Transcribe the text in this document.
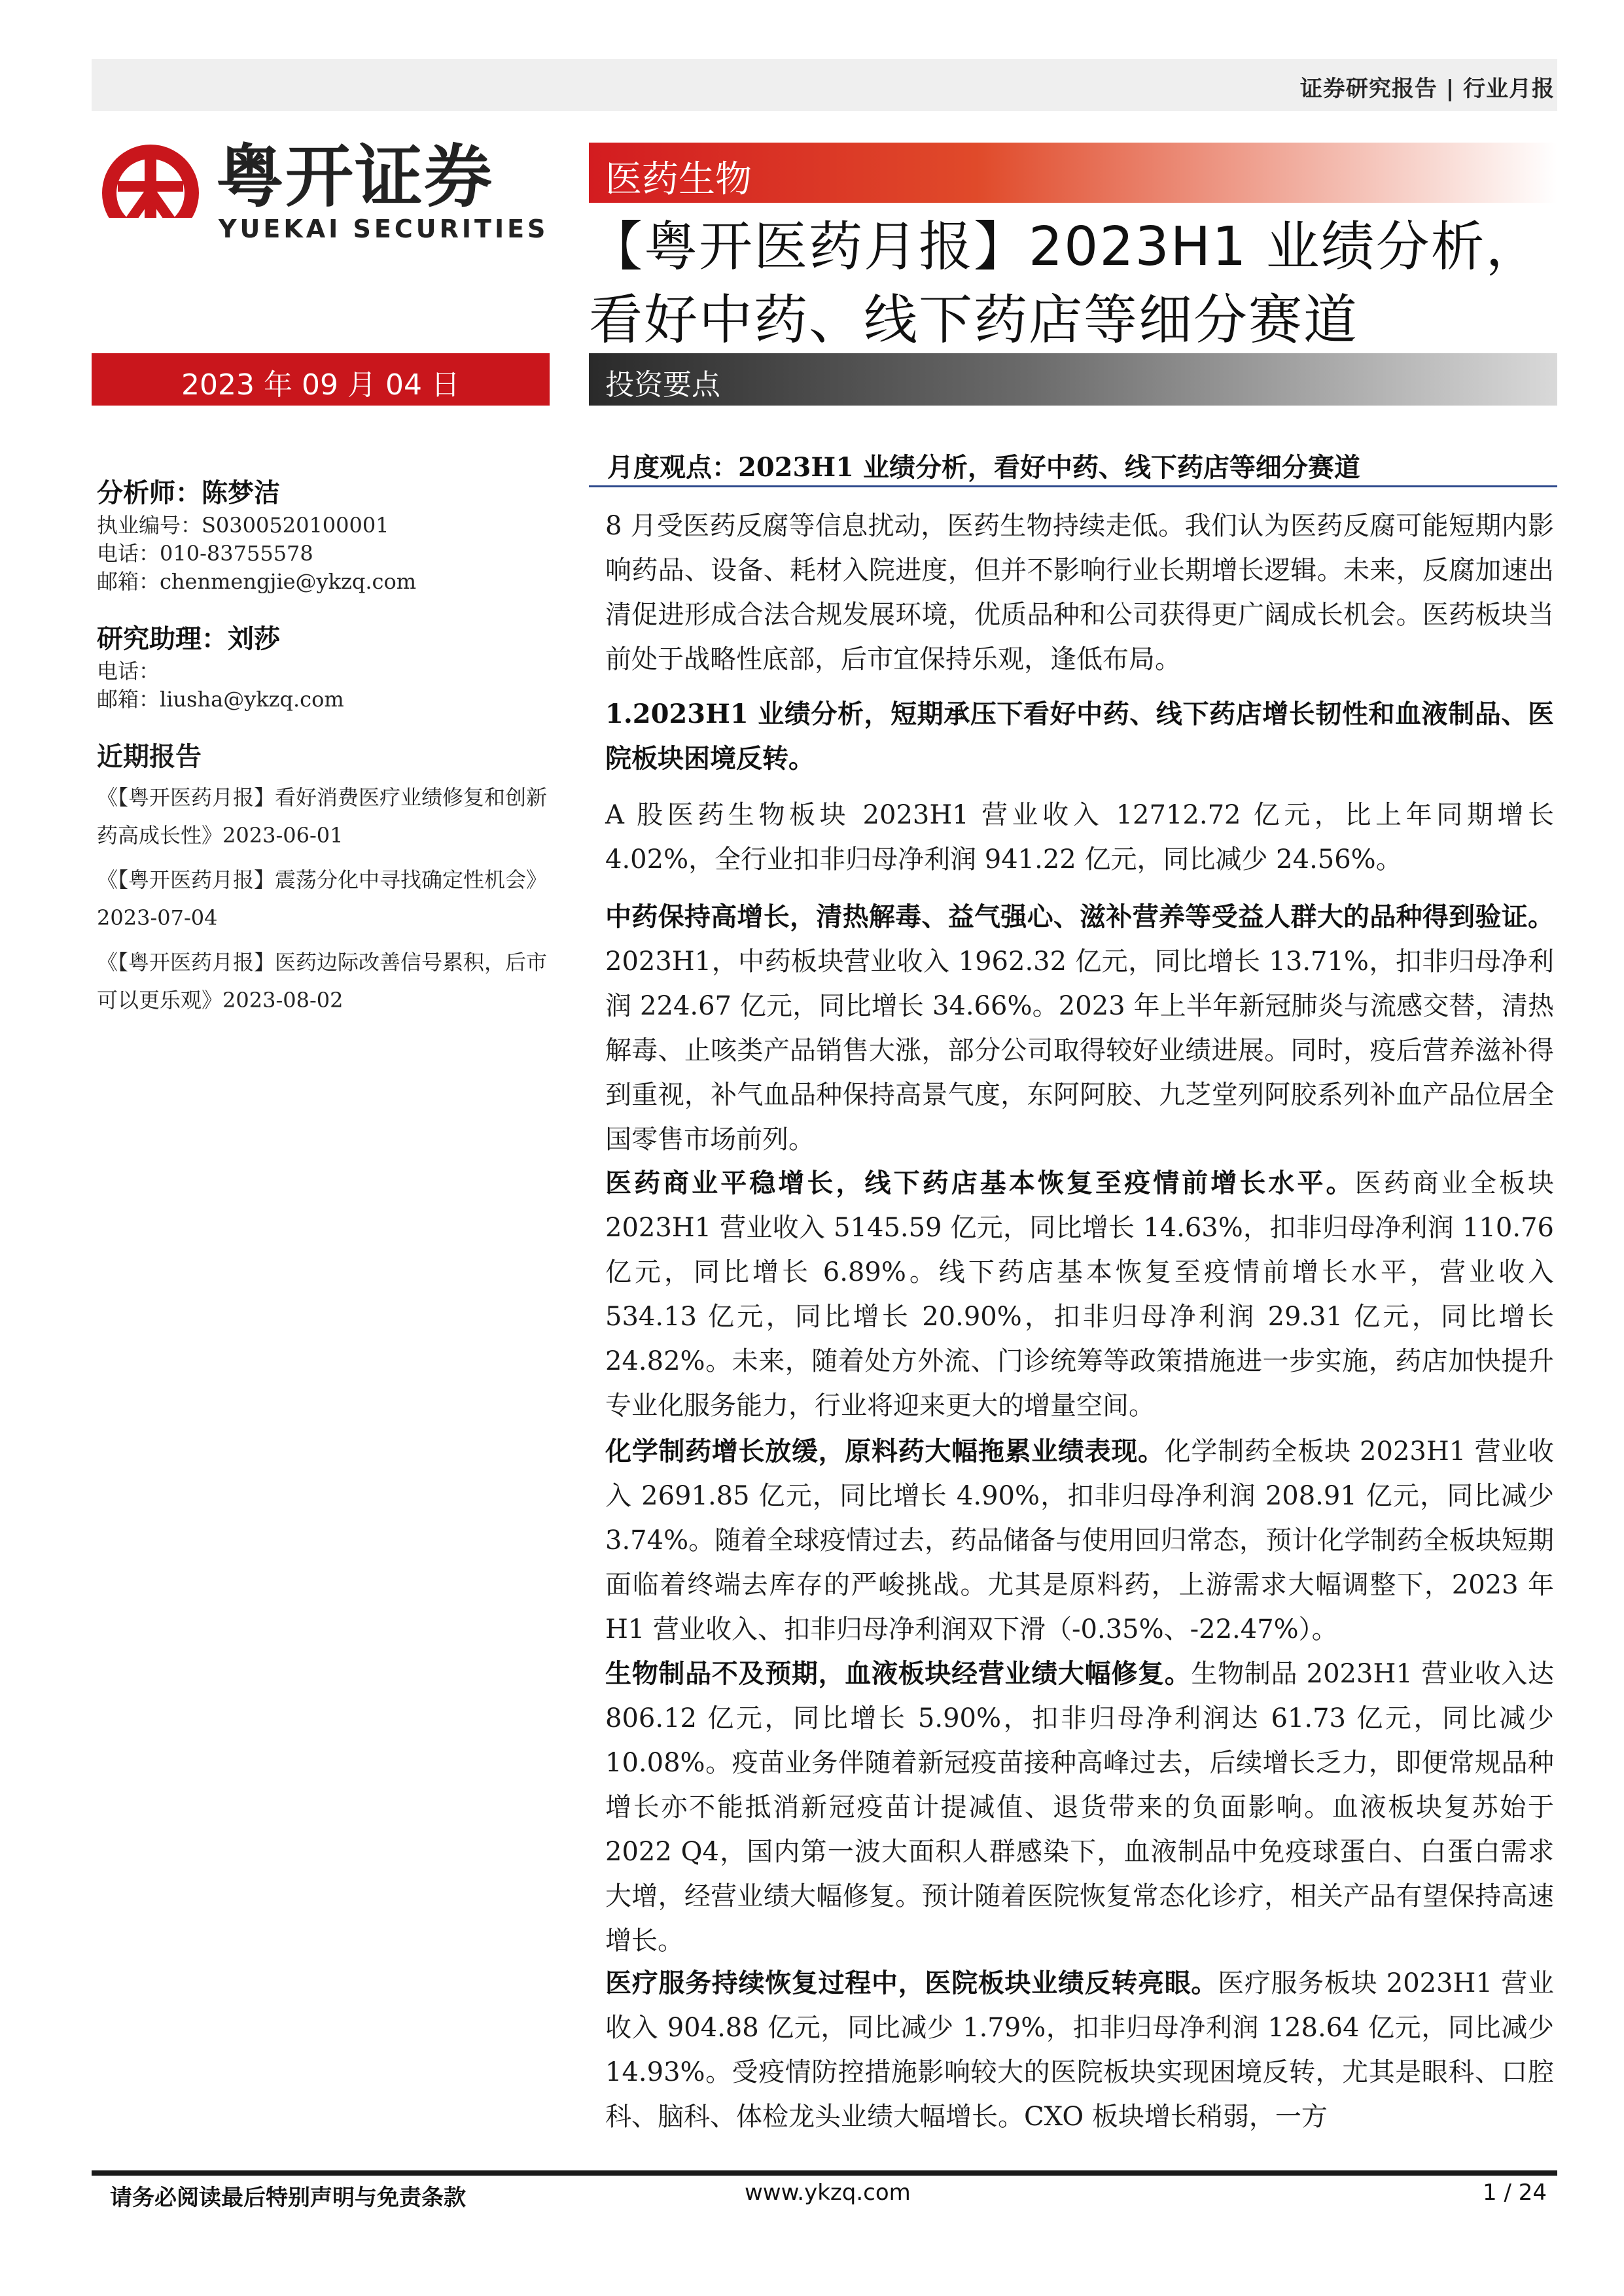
证券研究报告 | 行业月报
粤开证券
YUEKAI SECURITIES
医药生物
【粤开医药月报】2023H1 业绩分析，看好中药、线下药店等细分赛道
2023 年 09 月 04 日	投资要点
分析师：陈梦洁
执业编号：S0300520100001
电话：010-83755578
邮箱：chenmengjie@ykzq.com
研究助理：刘莎
电话：
邮箱：liusha@ykzq.com
近期报告
《【粤开医药月报】看好消费医疗业绩修复和创新药高成长性》2023-06-01
《【粤开医药月报】震荡分化中寻找确定性机会》2023-07-04
《【粤开医药月报】医药边际改善信号累积，后市可以更乐观》2023-08-02
月度观点：2023H1 业绩分析，看好中药、线下药店等细分赛道
8 月受医药反腐等信息扰动，医药生物持续走低。我们认为医药反腐可能短期内影响药品、设备、耗材入院进度，但并不影响行业长期增长逻辑。未来，反腐加速出清促进形成合法合规发展环境，优质品种和公司获得更广阔成长机会。医药板块当前处于战略性底部，后市宜保持乐观，逢低布局。
1.2023H1 业绩分析，短期承压下看好中药、线下药店增长韧性和血液制品、医院板块困境反转。
A 股医药生物板块 2023H1 营业收入 12712.72 亿元，比上年同期增长 4.02%，全行业扣非归母净利润 941.22 亿元，同比减少 24.56%。
中药保持高增长，清热解毒、益气强心、滋补营养等受益人群大的品种得到验证。2023H1，中药板块营业收入 1962.32 亿元，同比增长 13.71%，扣非归母净利润 224.67 亿元，同比增长 34.66%。2023 年上半年新冠肺炎与流感交替，清热解毒、止咳类产品销售大涨，部分公司取得较好业绩进展。同时，疫后营养滋补得到重视，补气血品种保持高景气度，东阿阿胶、九芝堂列阿胶系列补血产品位居全国零售市场前列。
医药商业平稳增长，线下药店基本恢复至疫情前增长水平。医药商业全板块 2023H1 营业收入 5145.59 亿元，同比增长 14.63%，扣非归母净利润 110.76 亿元，同比增长 6.89%。线下药店基本恢复至疫情前增长水平，营业收入 534.13 亿元，同比增长 20.90%，扣非归母净利润 29.31 亿元，同比增长 24.82%。未来，随着处方外流、门诊统筹等政策措施进一步实施，药店加快提升专业化服务能力，行业将迎来更大的增量空间。
化学制药增长放缓，原料药大幅拖累业绩表现。化学制药全板块 2023H1 营业收入 2691.85 亿元，同比增长 4.90%，扣非归母净利润 208.91 亿元，同比减少 3.74%。随着全球疫情过去，药品储备与使用回归常态，预计化学制药全板块短期面临着终端去库存的严峻挑战。尤其是原料药，上游需求大幅调整下，2023 年 H1 营业收入、扣非归母净利润双下滑（-0.35%、-22.47%）。
生物制品不及预期，血液板块经营业绩大幅修复。生物制品 2023H1 营业收入达 806.12 亿元，同比增长 5.90%，扣非归母净利润达 61.73 亿元，同比减少 10.08%。疫苗业务伴随着新冠疫苗接种高峰过去，后续增长乏力，即便常规品种增长亦不能抵消新冠疫苗计提减值、退货带来的负面影响。血液板块复苏始于 2022 Q4，国内第一波大面积人群感染下，血液制品中免疫球蛋白、白蛋白需求大增，经营业绩大幅修复。预计随着医院恢复常态化诊疗，相关产品有望保持高速增长。
医疗服务持续恢复过程中，医院板块业绩反转亮眼。医疗服务板块 2023H1 营业收入 904.88 亿元，同比减少 1.79%，扣非归母净利润 128.64 亿元，同比减少 14.93%。受疫情防控措施影响较大的医院板块实现困境反转，尤其是眼科、口腔科、脑科、体检龙头业绩大幅增长。CXO 板块增长稍弱，一方
请务必阅读最后特别声明与免责条款	www.ykzq.com	1 / 24
